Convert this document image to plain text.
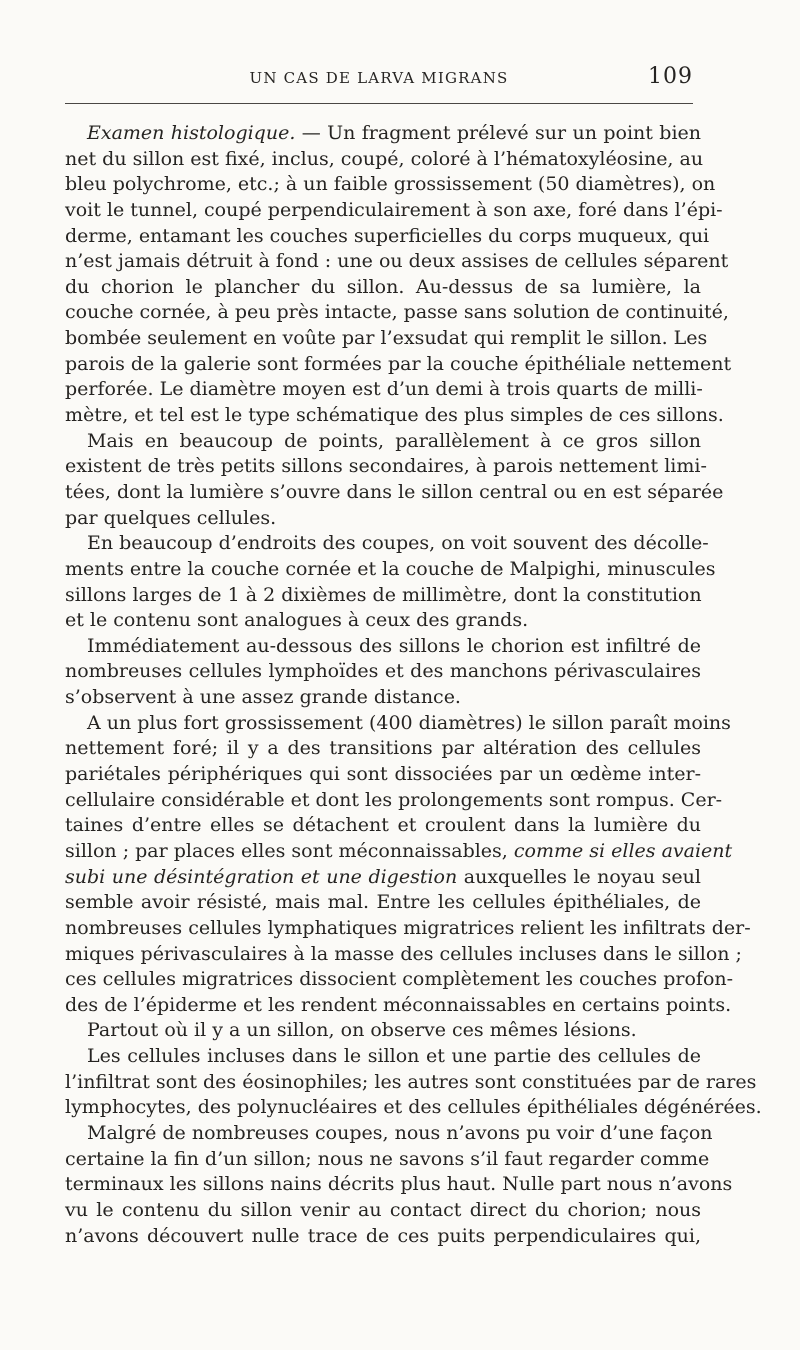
UN CAS DE LARVA MIGRANS	109
Examen histologique. — Un fragment prélevé sur un point bien
net du sillon est fixé, inclus, coupé, coloré à l’hématoxyléosine, au
bleu polychrome, etc.; à un faible grossissement (50 diamètres), on
voit le tunnel, coupé perpendiculairement à son axe, foré dans l’épi-
derme, entamant les couches superficielles du corps muqueux, qui
n’est jamais détruit à fond : une ou deux assises de cellules séparent
du chorion le plancher du sillon. Au-dessus de sa lumière, la
couche cornée, à peu près intacte, passe sans solution de continuité,
bombée seulement en voûte par l’exsudat qui remplit le sillon. Les
parois de la galerie sont formées par la couche épithéliale nettement
perforée. Le diamètre moyen est d’un demi à trois quarts de milli-
mètre, et tel est le type schématique des plus simples de ces sillons.
Mais en beaucoup de points, parallèlement à ce gros sillon
existent de très petits sillons secondaires, à parois nettement limi-
tées, dont la lumière s’ouvre dans le sillon central ou en est séparée
par quelques cellules.
En beaucoup d’endroits des coupes, on voit souvent des décolle-
ments entre la couche cornée et la couche de Malpighi, minuscules
sillons larges de 1 à 2 dixièmes de millimètre, dont la constitution
et le contenu sont analogues à ceux des grands.
Immédiatement au-dessous des sillons le chorion est infiltré de
nombreuses cellules lymphoïdes et des manchons périvasculaires
s’observent à une assez grande distance.
A un plus fort grossissement (400 diamètres) le sillon paraît moins
nettement foré; il y a des transitions par altération des cellules
pariétales périphériques qui sont dissociées par un œdème inter-
cellulaire considérable et dont les prolongements sont rompus. Cer-
taines d’entre elles se détachent et croulent dans la lumière du
sillon ; par places elles sont méconnaissables, comme si elles avaient
subi une désintégration et une digestion auxquelles le noyau seul
semble avoir résisté, mais mal. Entre les cellules épithéliales, de
nombreuses cellules lymphatiques migratrices relient les infiltrats der-
miques périvasculaires à la masse des cellules incluses dans le sillon ;
ces cellules migratrices dissocient complètement les couches profon-
des de l’épiderme et les rendent méconnaissables en certains points.
Partout où il y a un sillon, on observe ces mêmes lésions.
Les cellules incluses dans le sillon et une partie des cellules de
l’infiltrat sont des éosinophiles; les autres sont constituées par de rares
lymphocytes, des polynucléaires et des cellules épithéliales dégénérées.
Malgré de nombreuses coupes, nous n’avons pu voir d’une façon
certaine la fin d’un sillon; nous ne savons s’il faut regarder comme
terminaux les sillons nains décrits plus haut. Nulle part nous n’avons
vu le contenu du sillon venir au contact direct du chorion; nous
n’avons découvert nulle trace de ces puits perpendiculaires qui,
